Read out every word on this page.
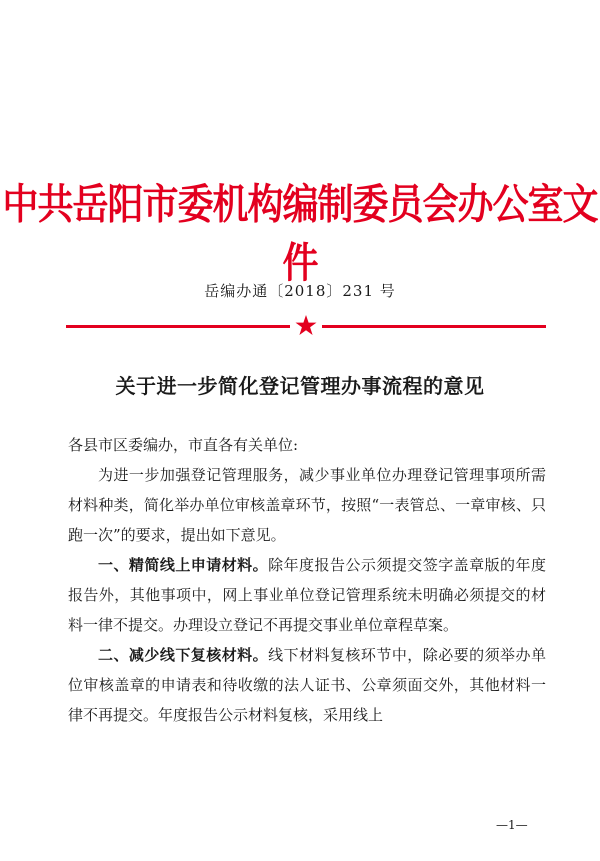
中共岳阳市委机构编制委员会办公室文件
岳编办通〔2018〕231 号
关于进一步简化登记管理办事流程的意见

各县市区委编办，市直各有关单位:

为进一步加强登记管理服务，减少事业单位办理登记管理事项所需材料种类，简化举办单位审核盖章环节，按照“一表管总、一章审核、只跑一次”的要求，提出如下意见。

一、精简线上申请材料。除年度报告公示须提交签字盖章版的年度报告外，其他事项中，网上事业单位登记管理系统未明确必须提交的材料一律不提交。办理设立登记不再提交事业单位章程草案。

二、减少线下复核材料。线下材料复核环节中，除必要的须举办单位审核盖章的申请表和待收缴的法人证书、公章须面交外，其他材料一律不再提交。年度报告公示材料复核，采用线上

—1—
